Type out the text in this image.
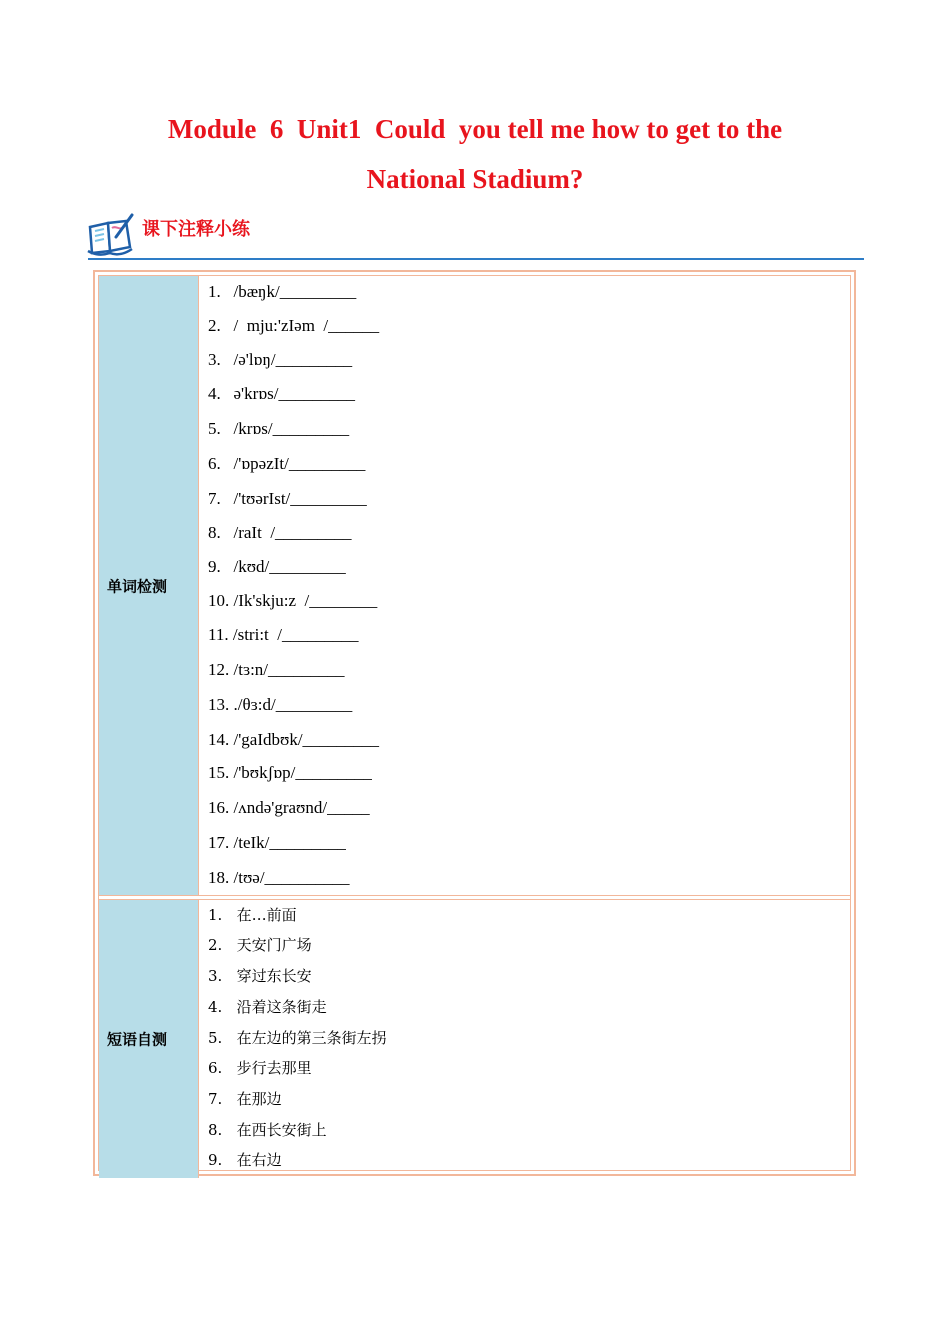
Module  6  Unit1  Could  you tell me how to get to the
National Stadium?
课下注释小练
单词检测
1.   /bæŋk/_________
2.   /  mju:'zIəm  /______
3.   /ə'lɒŋ/_________
4.   ə'krɒs/_________
5.   /krɒs/_________
6.   /'ɒpəzIt/_________
7.   /'tʊərIst/_________
8.   /raIt  /_________
9.   /kʊd/_________
10. /Ik'skju:z  /________
11. /stri:t  /_________
12. /tɜ:n/_________
13. ./θɜ:d/_________
14. /'gaIdbʊk/_________
15. /'bʊkʃɒp/_________
16. /ʌndə'graʊnd/_____
17. /teIk/_________
18. /tʊə/__________
短语自测
1.   在…前面
2.   天安门广场
3.   穿过东长安
4.   沿着这条街走
5.   在左边的第三条街左拐
6.   步行去那里
7.   在那边
8.   在西长安街上
9.   在右边
